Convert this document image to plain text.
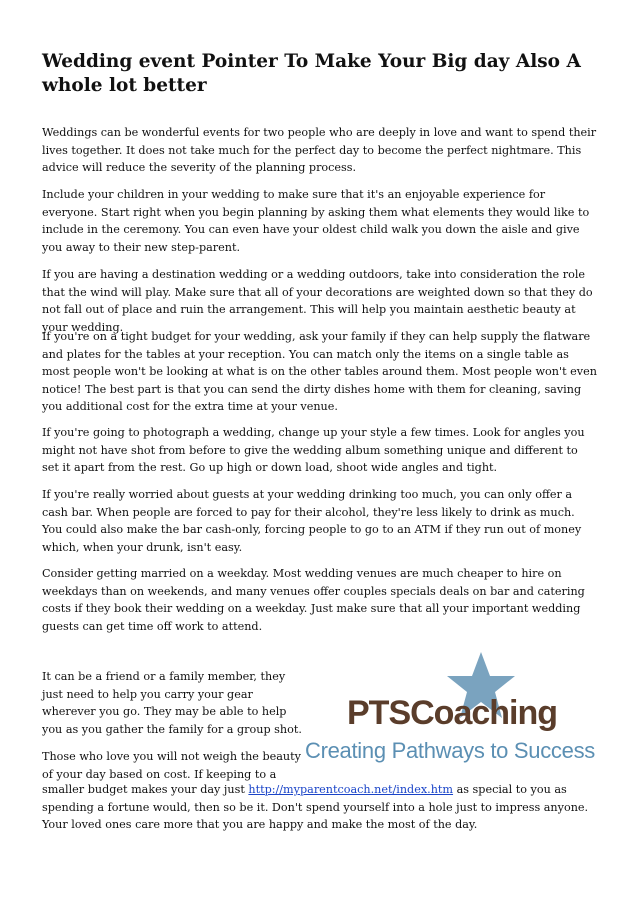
Wedding event Pointer To Make Your Big day Also A whole lot better

Weddings can be wonderful events for two people who are deeply in love and want to spend their lives together. It does not take much for the perfect day to become the perfect nightmare. This advice will reduce the severity of the planning process.

Include your children in your wedding to make sure that it's an enjoyable experience for everyone. Start right when you begin planning by asking them what elements they would like to include in the ceremony. You can even have your oldest child walk you down the aisle and give you away to their new step-parent.

If you are having a destination wedding or a wedding outdoors, take into consideration the role that the wind will play. Make sure that all of your decorations are weighted down so that they do not fall out of place and ruin the arrangement. This will help you maintain aesthetic beauty at your wedding.

If you're on a tight budget for your wedding, ask your family if they can help supply the flatware and plates for the tables at your reception. You can match only the items on a single table as most people won't be looking at what is on the other tables around them. Most people won't even notice! The best part is that you can send the dirty dishes home with them for cleaning, saving you additional cost for the extra time at your venue.

If you're going to photograph a wedding, change up your style a few times. Look for angles you might not have shot from before to give the wedding album something unique and different to set it apart from the rest. Go up high or down load, shoot wide angles and tight.

If you're really worried about guests at your wedding drinking too much, you can only offer a cash bar. When people are forced to pay for their alcohol, they're less likely to drink as much. You could also make the bar cash-only, forcing people to go to an ATM if they run out of money which, when your drunk, isn't easy.

Consider getting married on a weekday. Most wedding venues are much cheaper to hire on weekdays than on weekends, and many venues offer couples specials deals on bar and catering costs if they book their wedding on a weekday. Just make sure that all your important wedding guests can get time off work to attend.

It can be a friend or a family member, they just need to help you carry your gear wherever you go. They may be able to help you as you gather the family for a group shot.

Those who love you will not weigh the beauty of your day based on cost. If keeping to a

smaller budget makes your day just http://myparentcoach.net/index.htm as special to you as spending a fortune would, then so be it. Don't spend yourself into a hole just to impress anyone. Your loved ones care more that you are happy and make the most of the day.

PTSCoaching
Creating Pathways to Success
